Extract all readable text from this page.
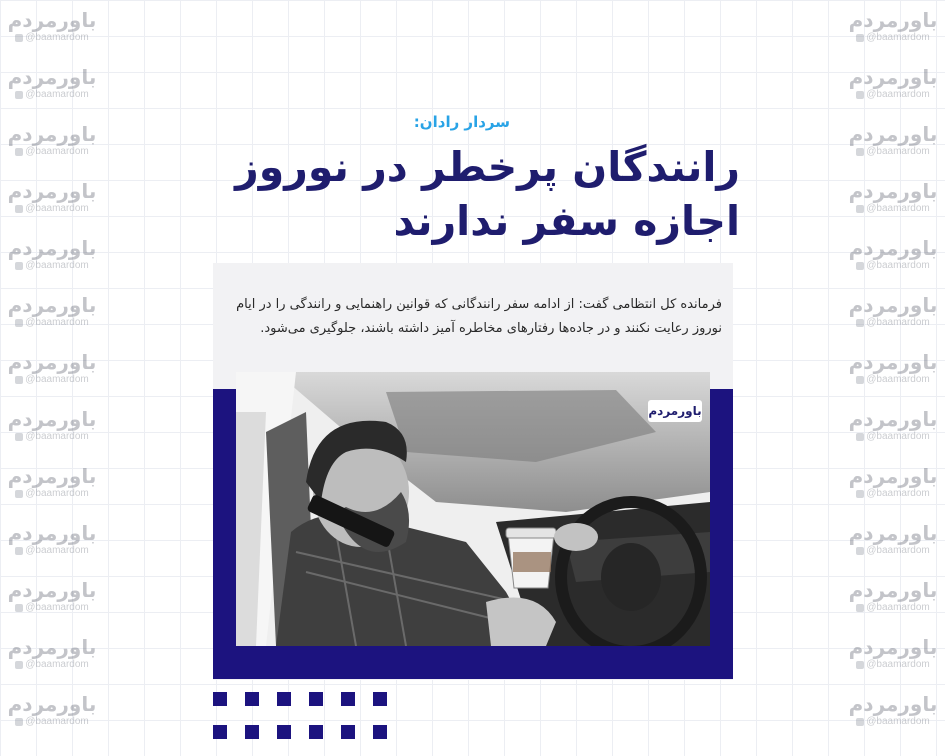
باورمردم
@baamardom
باورمردم
@baamardom
باورمردم
@baamardom
باورمردم
@baamardom
باورمردم
@baamardom
باورمردم
@baamardom
باورمردم
@baamardom
باورمردم
@baamardom
باورمردم
@baamardom
باورمردم
@baamardom
باورمردم
@baamardom
باورمردم
@baamardom
باورمردم
@baamardom
باورمردم
@baamardom
باورمردم
@baamardom
باورمردم
@baamardom
باورمردم
@baamardom
باورمردم
@baamardom
باورمردم
@baamardom
باورمردم
@baamardom
باورمردم
@baamardom
باورمردم
@baamardom
باورمردم
@baamardom
باورمردم
@baamardom
باورمردم
@baamardom
باورمردم
@baamardom
سردار رادان:
رانندگان پرخطر در نوروز اجازه سفر ندارند
فرمانده کل انتظامی گفت: از ادامه سفر رانندگانی که قوانین راهنمایی و رانندگی را در ایام نوروز رعایت نکنند و در جاده‌ها رفتارهای مخاطره آمیز داشته باشند، جلوگیری می‌شود.
باورمردم
